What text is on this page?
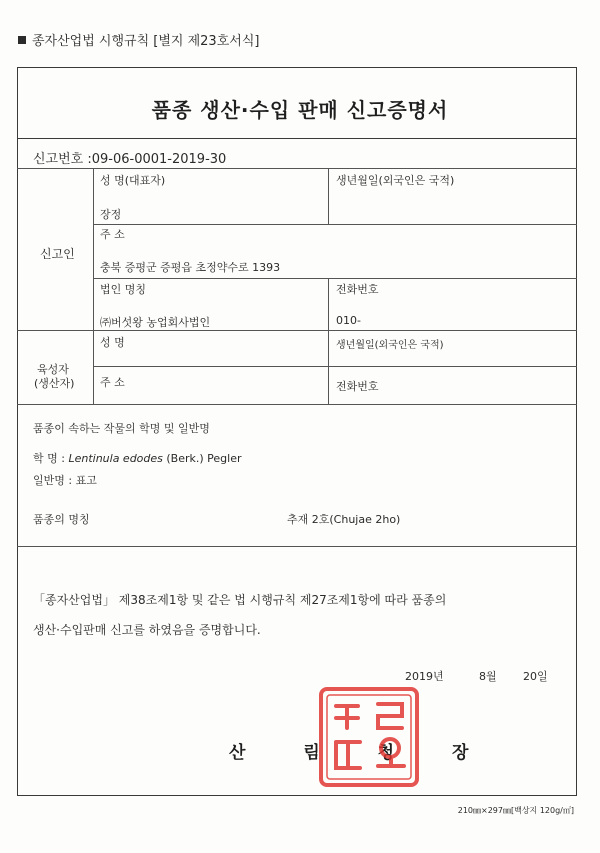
종자산업법 시행규칙 [별지 제23호서식]
품종 생산·수입 판매 신고증명서
신고번호 :09-06-0001-2019-30
신고인
성 명(대표자)	생년월일(외국인은 국적)
장정
주 소
충북 증평군 증평읍 초정약수로 1393
법인 명칭	전화번호
㈜버섯왕 농업회사법인	010-
육성자
(생산자)
성 명	생년월일(외국인은 국적)
주 소	전화번호
품종이 속하는 작물의 학명 및 일반명
학 명 : Lentinula edodes (Berk.) Pegler
일반명 : 표고
품종의 명칭	추재 2호(Chujae 2ho)
「종자산업법」 제38조제1항 및 같은 법 시행규칙 제27조제1항에 따라 품종의
생산·수입판매 신고를 하였음을 증명합니다.
2019년	8월 20일
산 림 청 장
210㎜×297㎜[백상지 120g/㎡]
